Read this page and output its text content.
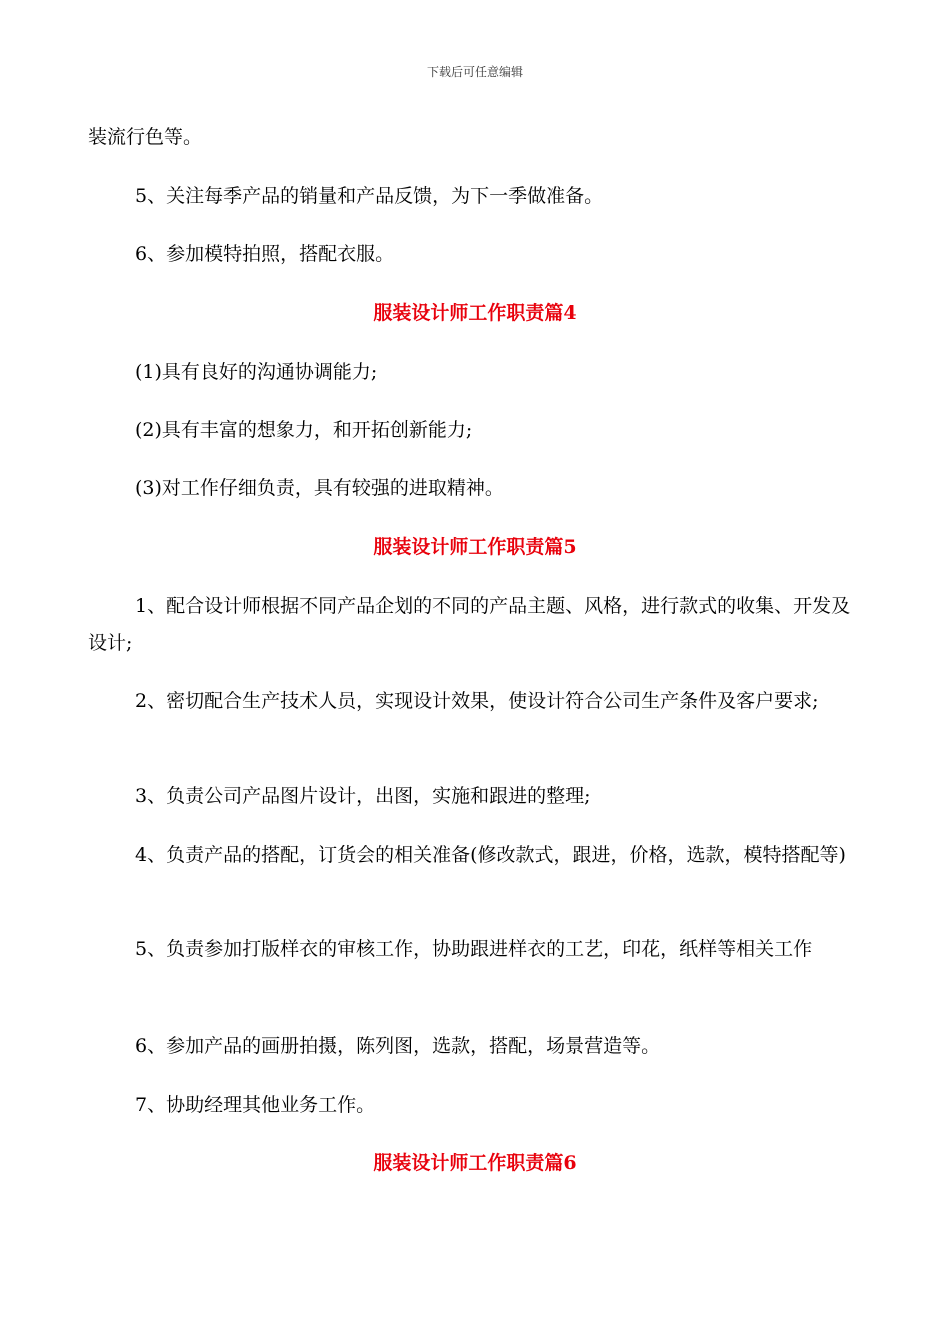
下载后可任意编辑

装流行色等。

5、关注每季产品的销量和产品反馈，为下一季做准备。

6、参加模特拍照，搭配衣服。

服装设计师工作职责篇4

(1)具有良好的沟通协调能力;

(2)具有丰富的想象力，和开拓创新能力;

(3)对工作仔细负责，具有较强的进取精神。

服装设计师工作职责篇5

1、配合设计师根据不同产品企划的不同的产品主题、风格，进行款式的收集、开发及设计;

2、密切配合生产技术人员，实现设计效果，使设计符合公司生产条件及客户要求;

3、负责公司产品图片设计，出图，实施和跟进的整理;

4、负责产品的搭配，订货会的相关准备(修改款式，跟进，价格，选款，模特搭配等)

5、负责参加打版样衣的审核工作，协助跟进样衣的工艺，印花，纸样等相关工作

6、参加产品的画册拍摄，陈列图，选款，搭配，场景营造等。

7、协助经理其他业务工作。

服装设计师工作职责篇6
